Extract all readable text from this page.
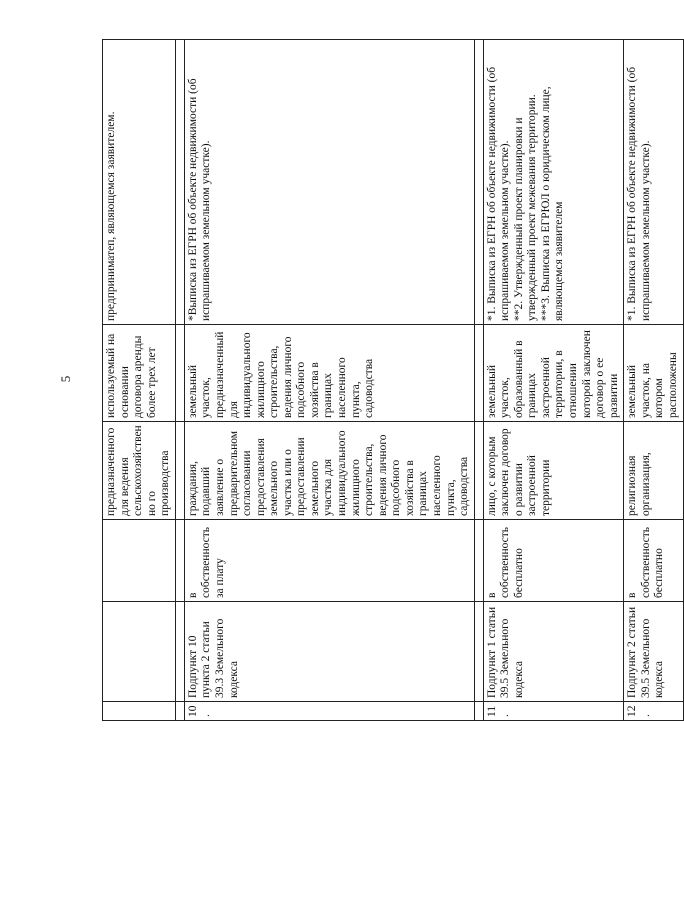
5
			предназначенного для ведения сельскохозяйственно го производства	используемый на основании договора аренды более трех лет	предприниматеп, являющемся заявителем.

10.	Подпункт 10 пункта 2 статьи 39.3 Земельного кодекса	в собственность за плату	граждания, подавший заявление о предварительном согласовании предоставления земельного участка или о предоставлении земельного участка для индивидуального жилищного строительства, ведения личного подсобного хозяйства в границах населенного пункта, садоводства	земельный участок, предназначенный для индивидуального жилищного строительства, ведения личного подсобного хозяйства в границах населенного пункта, садоводства	*Выписка из ЕГРН об объекте недвижимости (об испрашиваемом земельном участке).

11.	Подпункт 1 статьи 39.5 Земельного кодекса	в собственность бесплатно	лицо, с которым заключен договор о развитии застроенной территории	земельный участок, образованный в границах застроенной территории, в отношении которой заключен договор о ее развитии	*1. Выписка из ЕГРН об объекте недвижимости (об испрашиваемом земельном участке).
**2. Утвержденный проект планировки и утвержденный проект межевания территории.
***3. Выписка из ЕГРЮЛ о юридическом лице, являющемся заявителем
12.	Подпункт 2 статьи 39.5 Земельного кодекса	в собственность бесплатно	религиозная организация,	земельный участок, на котором расположены	*1. Выписка из ЕГРН об объекте недвижимости (об испрашиваемом земельном участке).
